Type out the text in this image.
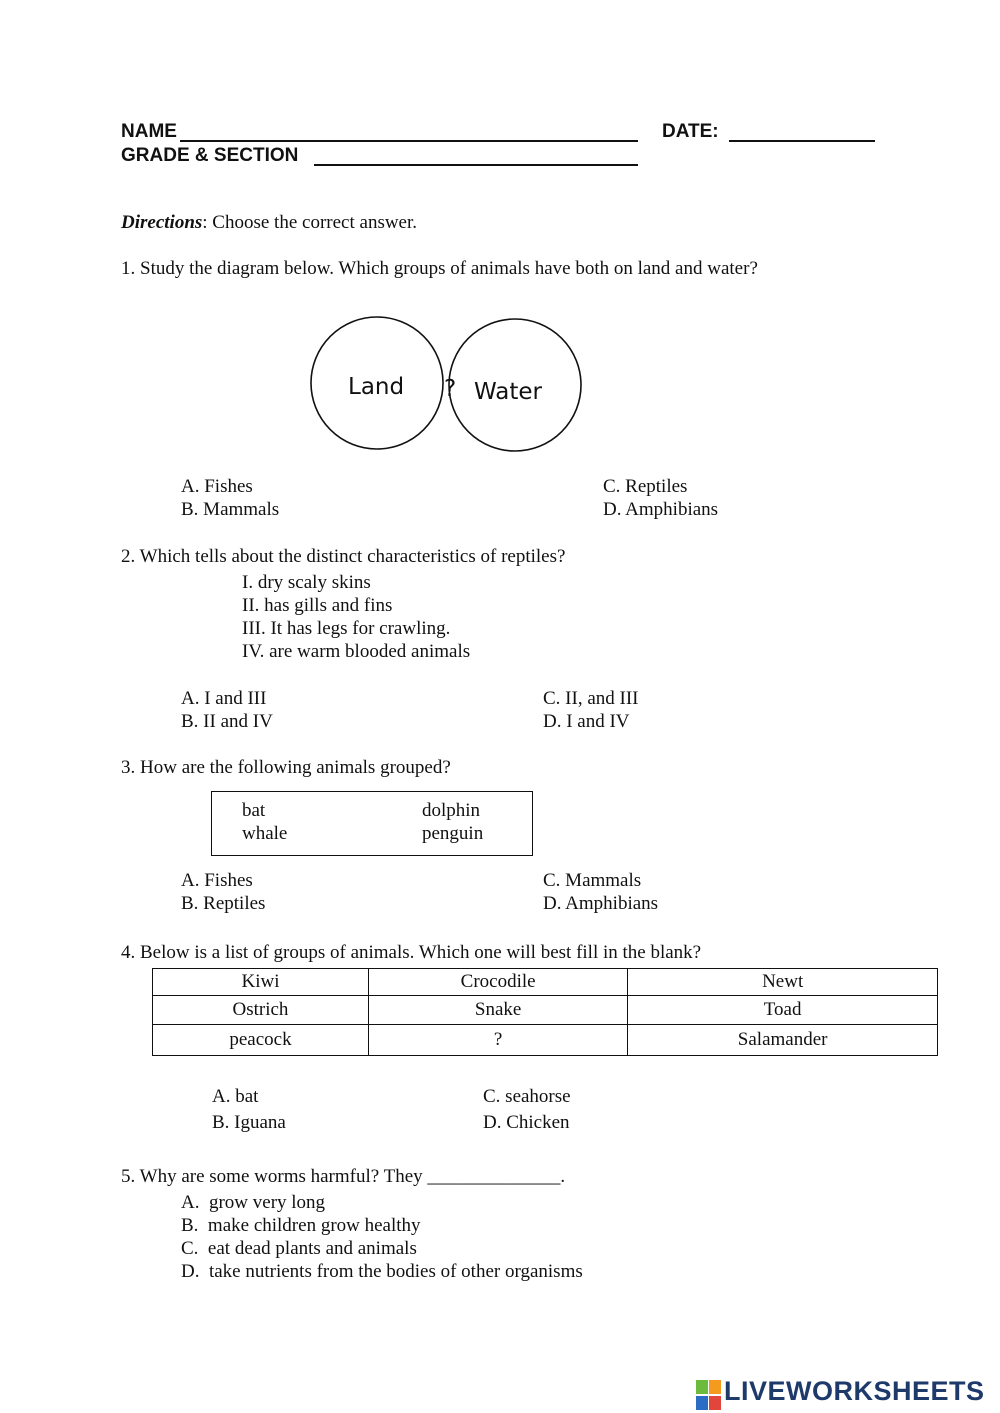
NAME	DATE:
GRADE & SECTION
Directions: Choose the correct answer.
1. Study the diagram below. Which groups of animals have both on land and water?
Land ? Water
A. Fishes
B. Mammals
C. Reptiles
D. Amphibians
2. Which tells about the distinct characteristics of reptiles?
I. dry scaly skins
II. has gills and fins
III. It has legs for crawling.
IV. are warm blooded animals
A. I and III
B. II and IV
C. II, and III
D. I and IV
3. How are the following animals grouped?
bat	dolphin
whale	penguin
A. Fishes
B. Reptiles
C. Mammals
D. Amphibians
4. Below is a list of groups of animals. Which one will best fill in the blank?
Kiwi	Crocodile	Newt
Ostrich	Snake	Toad
peacock	?	Salamander
A. bat
B. Iguana
C. seahorse
D. Chicken
5. Why are some worms harmful? They ______________.
A.  grow very long
B.  make children grow healthy
C.  eat dead plants and animals
D.  take nutrients from the bodies of other organisms
LIVEWORKSHEETS
